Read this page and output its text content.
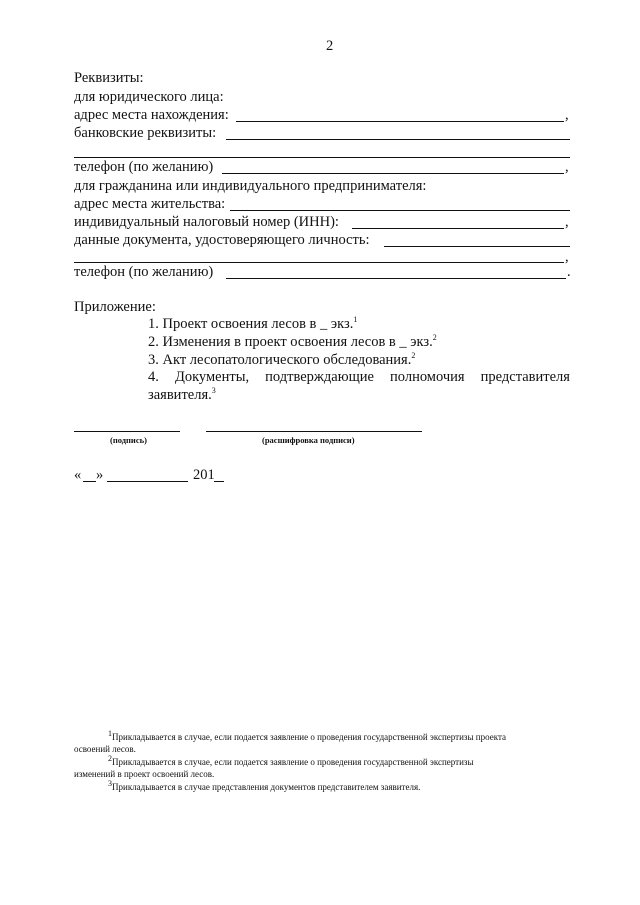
2
Реквизиты:
для юридического лица:
адрес места нахождения:	,
банковские реквизиты:
телефон (по желанию)	,
для гражданина или индивидуального предпринимателя:
адрес места жительства:
индивидуальный налоговый номер (ИНН):	,
данные документа, удостоверяющего личность:
,
телефон (по желанию)	.
Приложение:
1. Проект освоения лесов в _ экз.$^1$
2. Изменения в проект освоения лесов в _ экз.$^2$
3. Акт лесопатологического обследования.$^2$
4. Документы, подтверждающие полномочия представителя
заявителя.$^3$
(подпись)	(расшифровка подписи)
« »	201
$^1$Прикладывается в случае, если подается заявление о проведения государственной экспертизы проекта
освоений лесов.
$^2$Прикладывается в случае, если подается заявление о проведения государственной экспертизы
изменений в проект освоений лесов.
$^3$Прикладывается в случае представления документов представителем заявителя.
